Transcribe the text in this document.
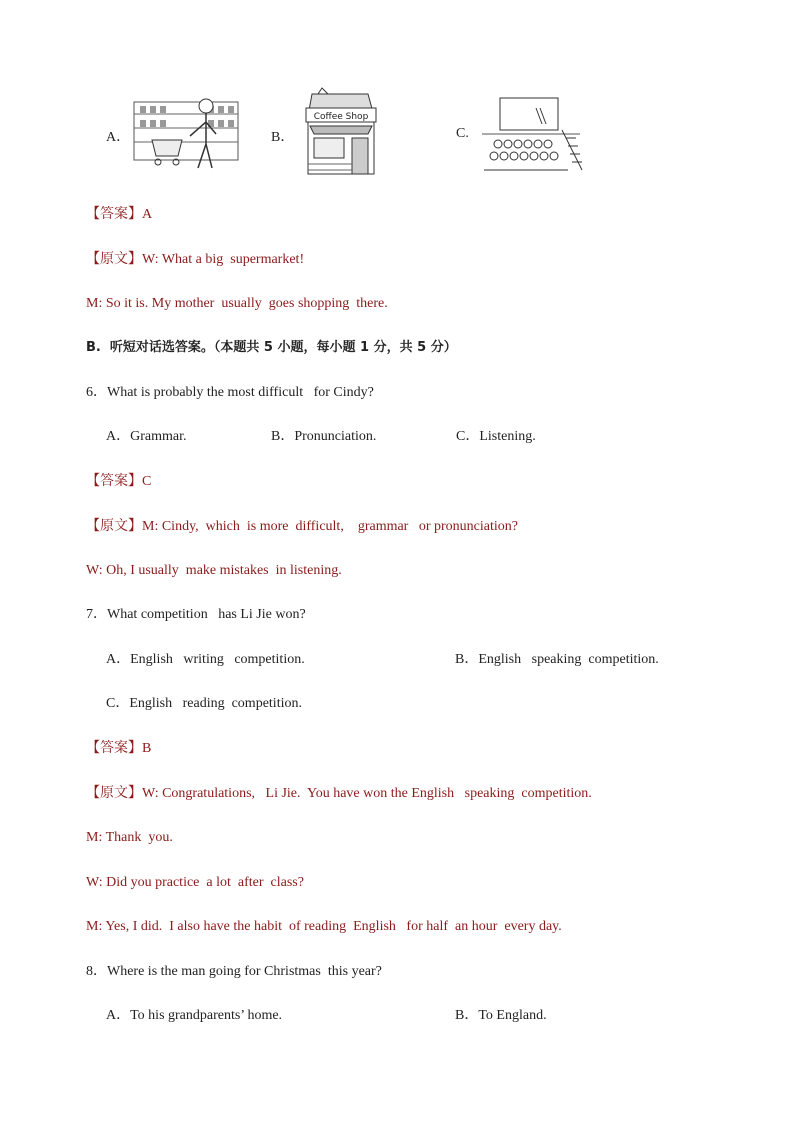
A．	B．
Coffee Shop
C.
【答案】A
【原文】W: What a big  supermarket!
M: So it is. My mother  usually  goes shopping  there.
B.  听短对话选答案。（本题共 5 小题，每小题 1 分，共 5 分）
6．What is probably the most difficult   for Cindy?
A．Grammar.	B．Pronunciation.	C．Listening.
【答案】C
【原文】M: Cindy,  which  is more  difficult,    grammar   or pronunciation?
W: Oh, I usually  make mistakes  in listening.
7．What competition   has Li Jie won?
A．English   writing   competition.	B．English   speaking  competition.
C．English   reading  competition.
【答案】B
【原文】W: Congratulations,   Li Jie.  You have won the English   speaking  competition.
M: Thank  you.
W: Did you practice  a lot  after  class?
M: Yes, I did.  I also have the habit  of reading  English   for half  an hour  every day.
8．Where is the man going for Christmas  this year?
A．To his grandparents’ home.	B．To England.
